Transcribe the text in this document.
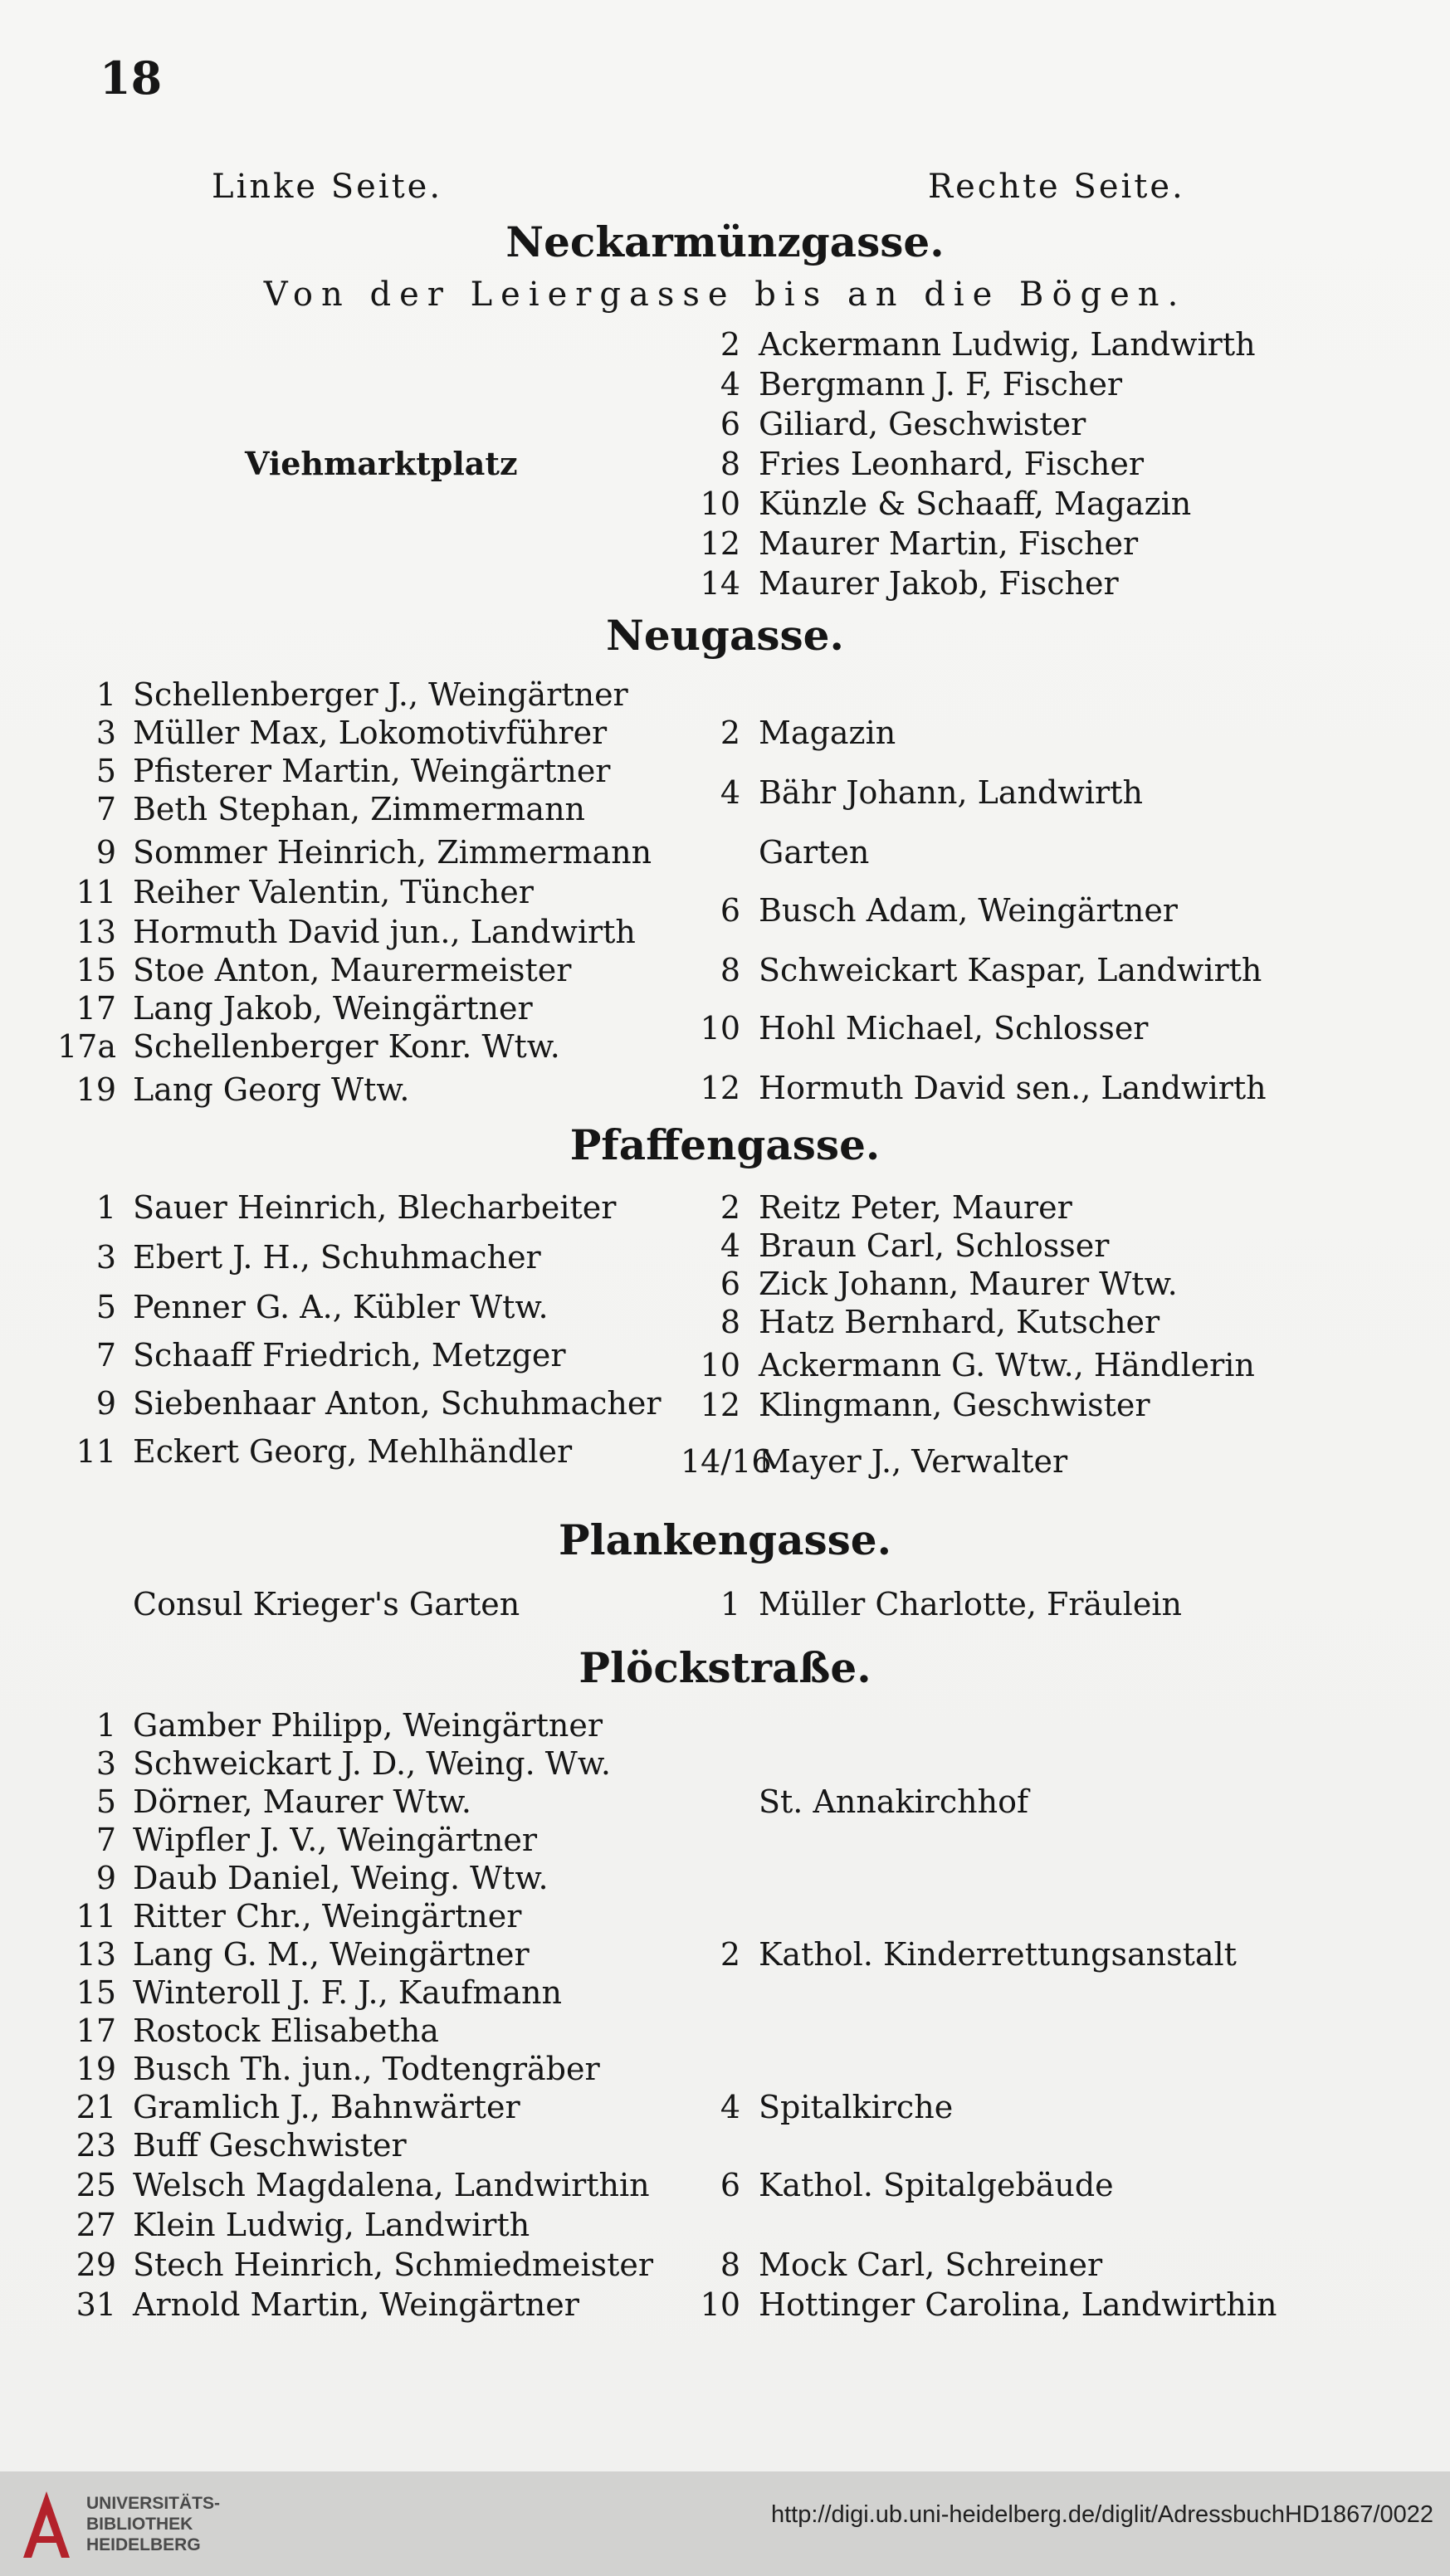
18
Linke Seite.	Rechte Seite.
Neckarmünzgasse.
Von der Leiergasse bis an die Bögen.
2 Ackermann Ludwig, Landwirth
4 Bergmann J. F, Fischer
6 Giliard, Geschwister
8 Fries Leonhard, Fischer
10 Künzle & Schaaff, Magazin
12 Maurer Martin, Fischer
14 Maurer Jakob, Fischer
Viehmarktplatz
Neugasse.
1 Schellenberger J., Weingärtner
3 Müller Max, Lokomotivführer
5 Pfisterer Martin, Weingärtner
7 Beth Stephan, Zimmermann
9 Sommer Heinrich, Zimmermann
11 Reiher Valentin, Tüncher
13 Hormuth David jun., Landwirth
15 Stoe Anton, Maurermeister
17 Lang Jakob, Weingärtner
17a Schellenberger Konr. Wtw.
19 Lang Georg Wtw.
2 Magazin
4 Bähr Johann, Landwirth
Garten
6 Busch Adam, Weingärtner
8 Schweickart Kaspar, Landwirth
10 Hohl Michael, Schlosser
12 Hormuth David sen., Landwirth
Pfaffengasse.
1 Sauer Heinrich, Blecharbeiter
3 Ebert J. H., Schuhmacher
5 Penner G. A., Kübler Wtw.
7 Schaaff Friedrich, Metzger
9 Siebenhaar Anton, Schuhmacher
11 Eckert Georg, Mehlhändler
2 Reitz Peter, Maurer
4 Braun Carl, Schlosser
6 Zick Johann, Maurer Wtw.
8 Hatz Bernhard, Kutscher
10 Ackermann G. Wtw., Händlerin
12 Klingmann, Geschwister
14/16Mayer J., Verwalter
Plankengasse.
Consul Krieger's Garten	1 Müller Charlotte, Fräulein
Plöckstraße.
1 Gamber Philipp, Weingärtner
3 Schweickart J. D., Weing. Ww.
5 Dörner, Maurer Wtw.
7 Wipfler J. V., Weingärtner
9 Daub Daniel, Weing. Wtw.
11 Ritter Chr., Weingärtner
13 Lang G. M., Weingärtner
15 Winteroll J. F. J., Kaufmann
17 Rostock Elisabetha
19 Busch Th. jun., Todtengräber
21 Gramlich J., Bahnwärter
23 Buff Geschwister
25 Welsch Magdalena, Landwirthin
27 Klein Ludwig, Landwirth
29 Stech Heinrich, Schmiedmeister
31 Arnold Martin, Weingärtner
St. Annakirchhof
2 Kathol. Kinderrettungsanstalt
4 Spitalkirche
6 Kathol. Spitalgebäude
8 Mock Carl, Schreiner
10 Hottinger Carolina, Landwirthin
UNIVERSITÄTS-
BIBLIOTHEK
HEIDELBERG
http://digi.ub.uni-heidelberg.de/diglit/AdressbuchHD1867/0022
